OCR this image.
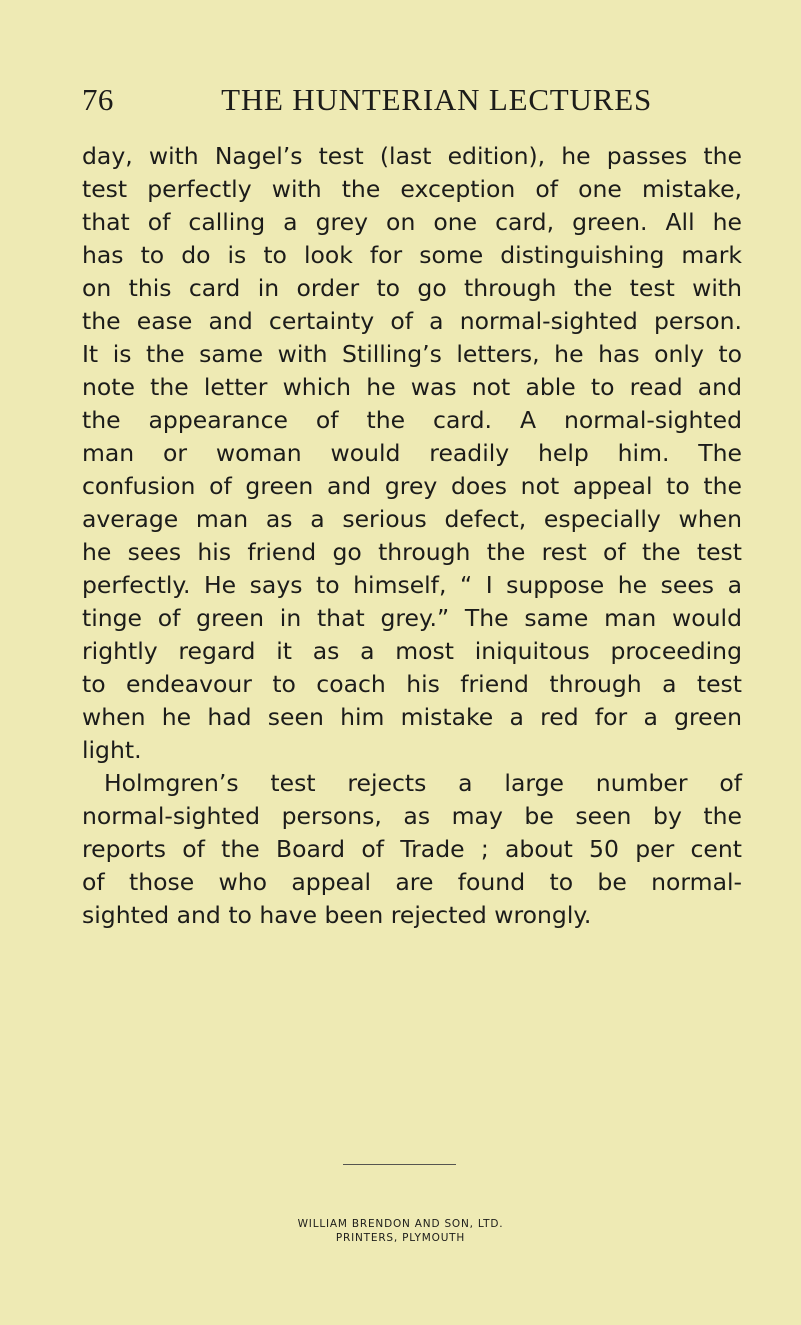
76	THE HUNTERIAN LECTURES
day, with Nagel’s test (last edition), he passes the
test perfectly with the exception of one mistake,
that of calling a grey on one card, green. All he
has to do is to look for some distinguishing mark
on this card in order to go through the test with
the ease and certainty of a normal-sighted person.
It is the same with Stilling’s letters, he has only to
note the letter which he was not able to read and
the appearance of the card. A normal-sighted
man or woman would readily help him. The
confusion of green and grey does not appeal to the
average man as a serious defect, especially when
he sees his friend go through the rest of the test
perfectly. He says to himself, “ I suppose he sees a
tinge of green in that grey.” The same man would
rightly regard it as a most iniquitous proceeding
to endeavour to coach his friend through a test
when he had seen him mistake a red for a green
light.
Holmgren’s test rejects a large number of
normal-sighted persons, as may be seen by the
reports of the Board of Trade ; about 50 per cent
of those who appeal are found to be normal-
sighted and to have been rejected wrongly.
WILLIAM BRENDON AND SON, LTD.
PRINTERS, PLYMOUTH
